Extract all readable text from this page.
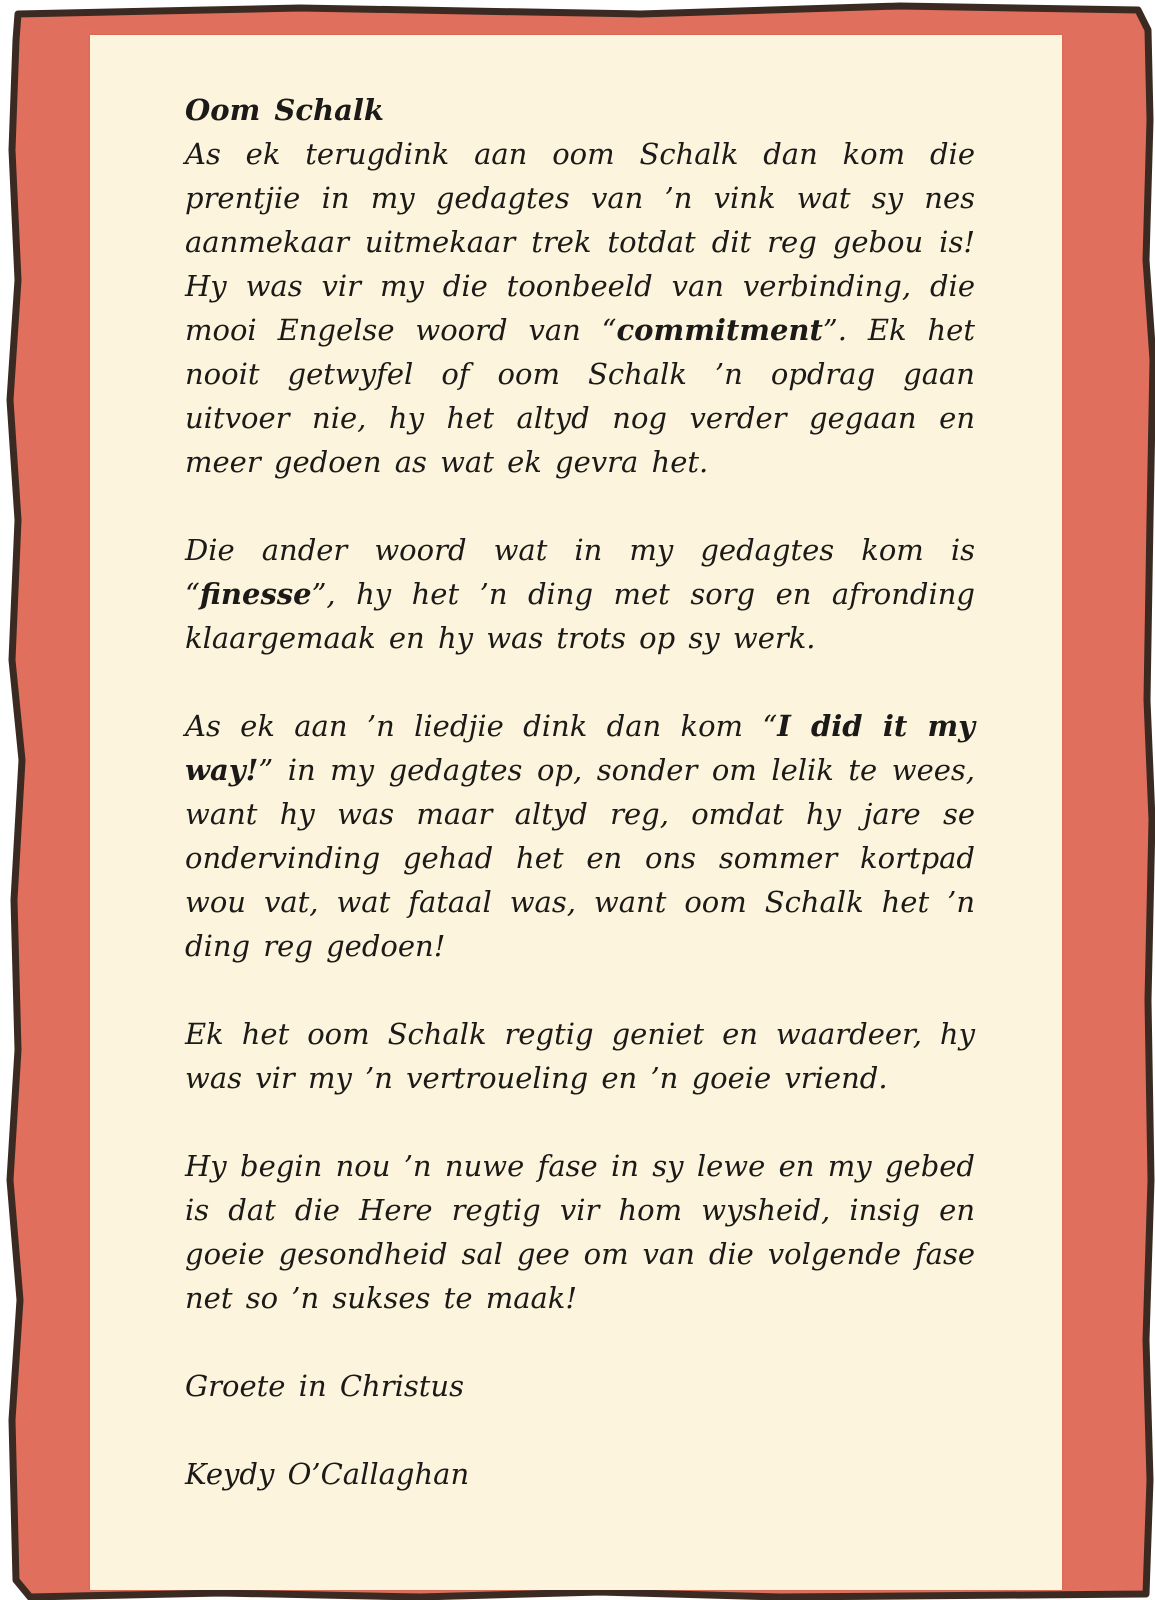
Oom Schalk

As ek terugdink aan oom Schalk dan kom die prentjie in my gedagtes van ’n vink wat sy nes aanmekaar uitmekaar trek totdat dit reg gebou is! Hy was vir my die toonbeeld van verbinding, die mooi Engelse woord van “commitment”. Ek het nooit getwyfel of oom Schalk ’n opdrag gaan uitvoer nie, hy het altyd nog verder gegaan en meer gedoen as wat ek gevra het.

Die ander woord wat in my gedagtes kom is “finesse”, hy het ’n ding met sorg en afronding klaargemaak en hy was trots op sy werk.

As ek aan ’n liedjie dink dan kom “I did it my way!” in my gedagtes op, sonder om lelik te wees, want hy was maar altyd reg, omdat hy jare se ondervinding gehad het en ons sommer kortpad wou vat, wat fataal was, want oom Schalk het ’n ding reg gedoen!

Ek het oom Schalk regtig geniet en waardeer, hy was vir my ’n vertroueling en ’n goeie vriend.

Hy begin nou ’n nuwe fase in sy lewe en my gebed is dat die Here regtig vir hom wysheid, insig en goeie gesondheid sal gee om van die volgende fase net so ’n sukses te maak!

Groete in Christus

Keydy O’Callaghan
